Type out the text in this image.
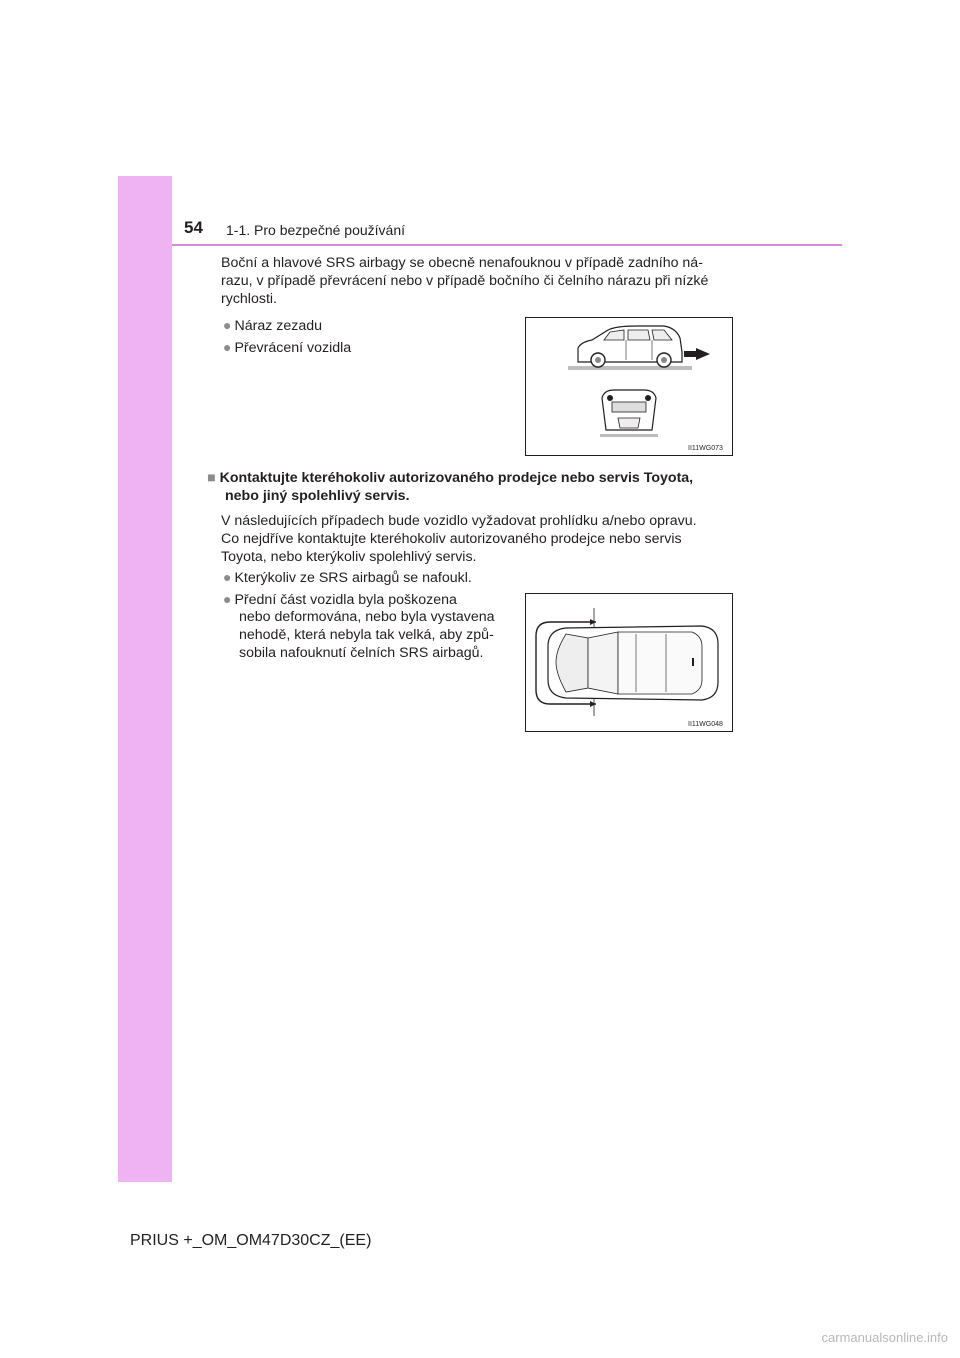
54 1-1. Pro bezpečné používání
Boční a hlavové SRS airbagy se obecně nenafouknou v případě zadního ná-
razu, v případě převrácení nebo v případě bočního či čelního nárazu při nízké
rychlosti.
● Náraz zezadu
● Převrácení vozidla
II11WG073
■ Kontaktujte kteréhokoliv autorizovaného prodejce nebo servis Toyota,
nebo jiný spolehlivý servis.
V následujících případech bude vozidlo vyžadovat prohlídku a/nebo opravu.
Co nejdříve kontaktujte kteréhokoliv autorizovaného prodejce nebo servis
Toyota, nebo kterýkoliv spolehlivý servis.
● Kterýkoliv ze SRS airbagů se nafoukl.
● Přední část vozidla byla poškozena
nebo deformována, nebo byla vystavena
nehodě, která nebyla tak velká, aby způ-
sobila nafouknutí čelních SRS airbagů.
II11WG048
PRIUS +_OM_OM47D30CZ_(EE)
carmanualsonline.info
